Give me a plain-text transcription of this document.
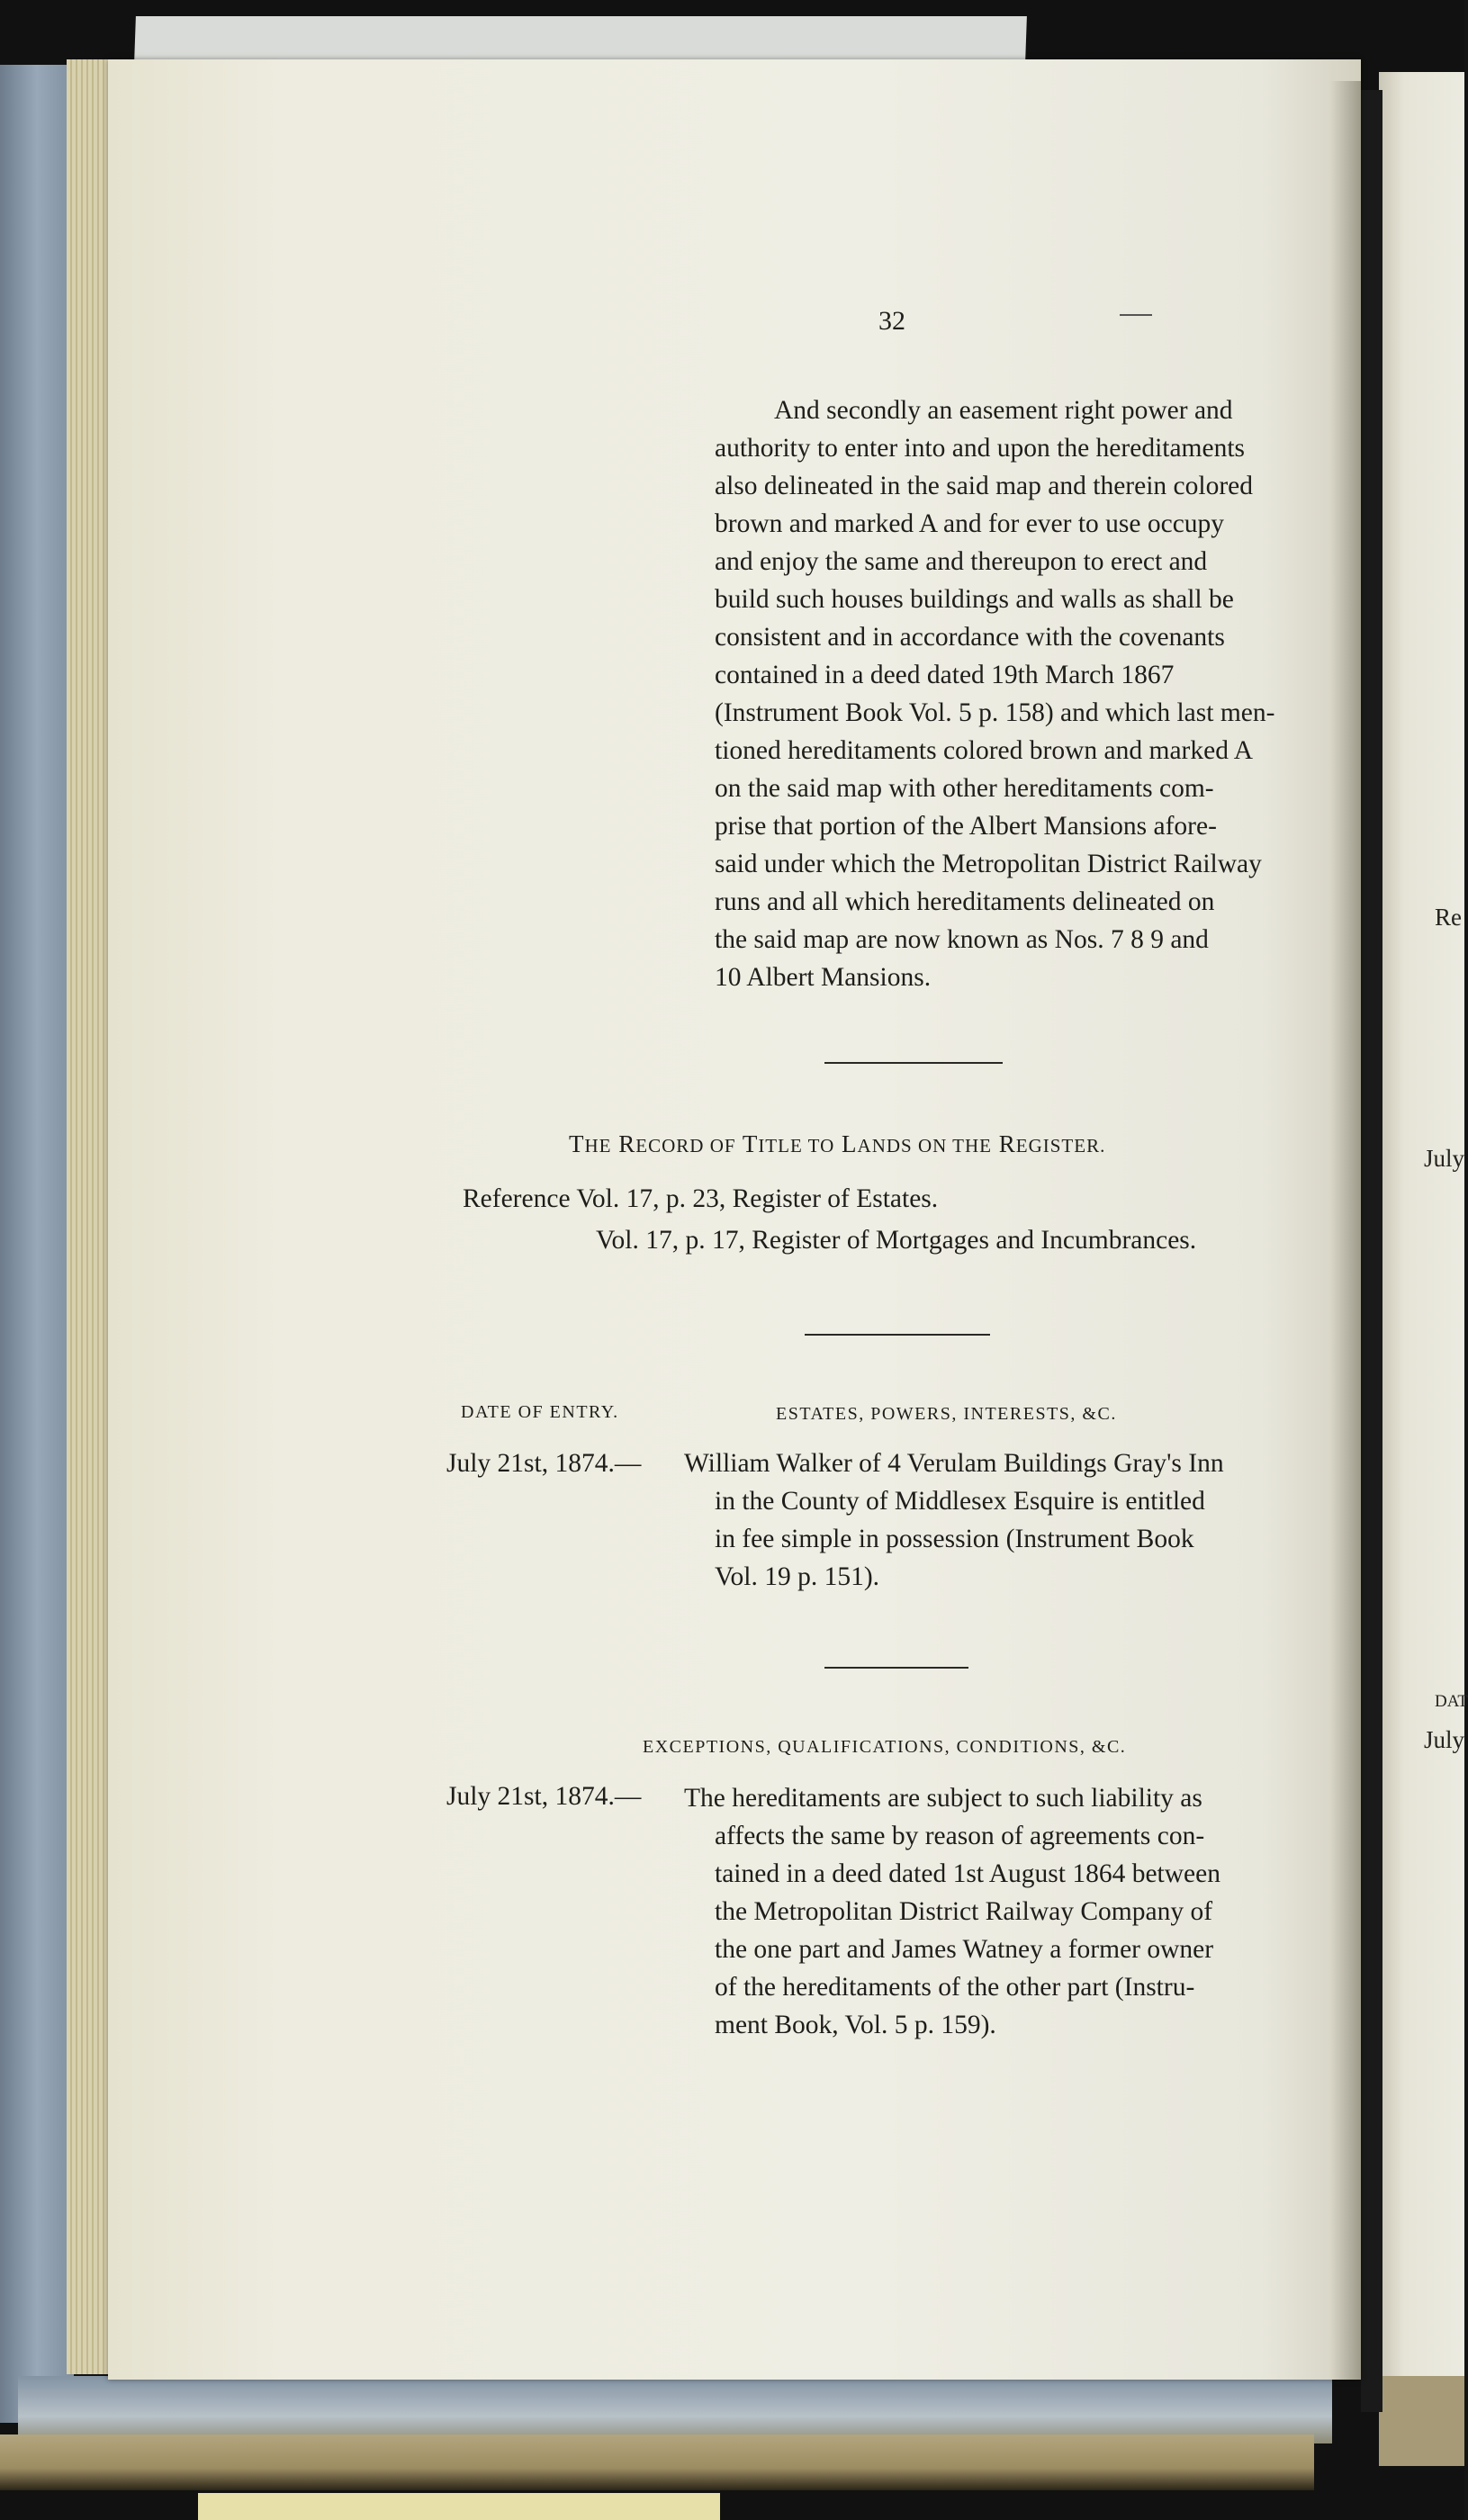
Re
July
DAT
July
32
And secondly an easement right power and
authority to enter into and upon the hereditaments
also delineated in the said map and therein colored
brown and marked A and for ever to use occupy
and enjoy the same and thereupon to erect and
build such houses buildings and walls as shall be
consistent and in accordance with the covenants
contained in a deed dated 19th March 1867
(Instrument Book Vol. 5 p. 158) and which last men-
tioned hereditaments colored brown and marked A
on the said map with other hereditaments com-
prise that portion of the Albert Mansions afore-
said under which the Metropolitan District Railway
runs and all which hereditaments delineated on
the said map are now known as Nos. 7 8 9 and
10 Albert Mansions.
THE RECORD OF TITLE TO LANDS ON THE REGISTER.
Reference Vol. 17, p. 23, Register of Estates.
Vol. 17, p. 17, Register of Mortgages and Incumbrances.
DATE OF ENTRY.	ESTATES, POWERS, INTERESTS, &C.
July 21st, 1874.— William Walker of 4 Verulam Buildings Gray's Inn
in the County of Middlesex Esquire is entitled
in fee simple in possession (Instrument Book
Vol. 19 p. 151).
EXCEPTIONS, QUALIFICATIONS, CONDITIONS, &C.
July 21st, 1874.— The hereditaments are subject to such liability as
affects the same by reason of agreements con-
tained in a deed dated 1st August 1864 between
the Metropolitan District Railway Company of
the one part and James Watney a former owner
of the hereditaments of the other part (Instru-
ment Book, Vol. 5 p. 159).
